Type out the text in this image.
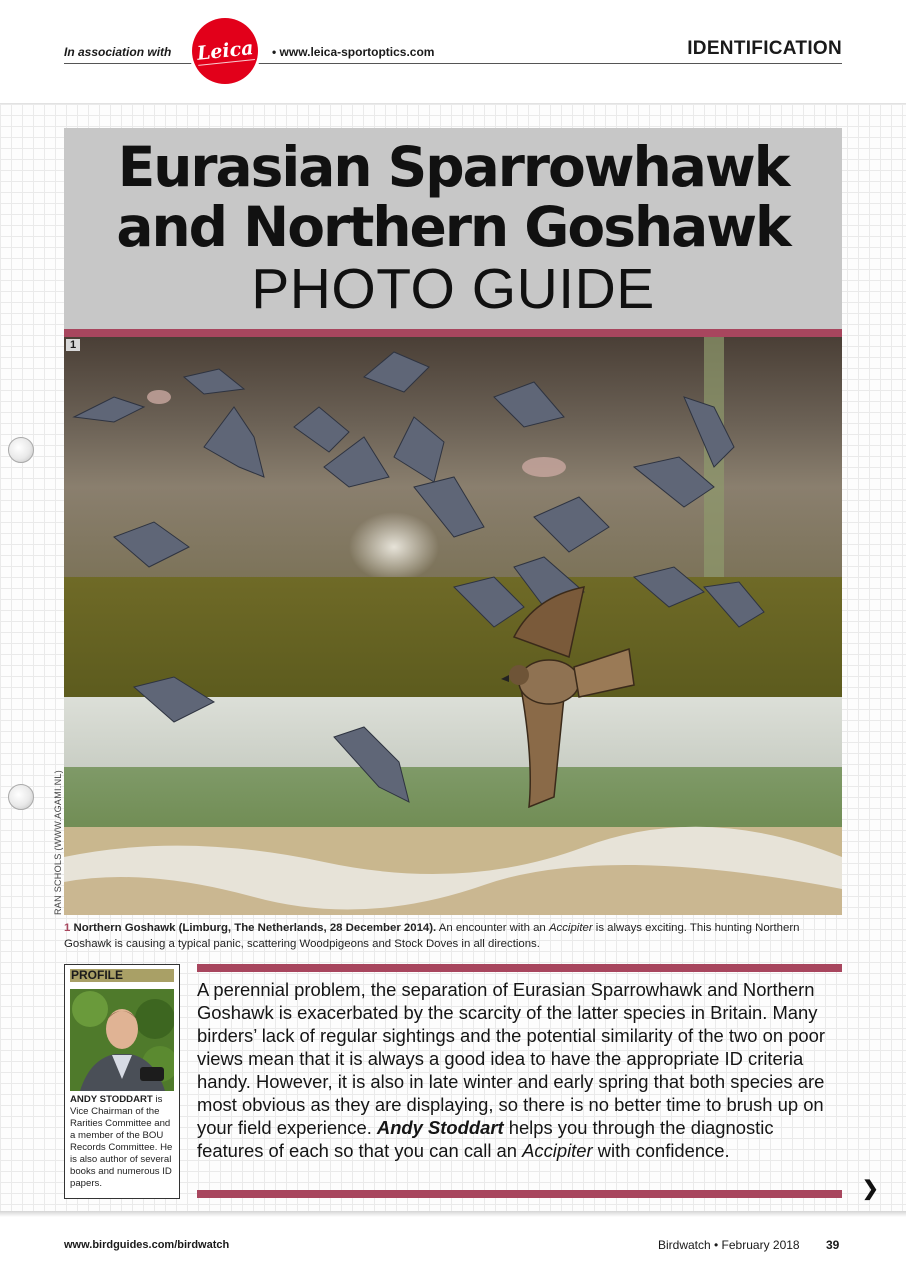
In association with Leica • www.leica-sportoptics.com	IDENTIFICATION
Eurasian Sparrowhawk
and Northern Goshawk
PHOTO GUIDE
1
RAN SCHOLS (WWW.AGAMI.NL)
1 Northern Goshawk (Limburg, The Netherlands, 28 December 2014). An encounter with an Accipiter is always exciting. This hunting Northern Goshawk is causing a typical panic, scattering Woodpigeons and Stock Doves in all directions.
PROFILE
ANDY STODDART is Vice Chairman of the Rarities Committee and a member of the BOU Records Committee. He is also author of several books and numerous ID papers.
A perennial problem, the separation of Eurasian Sparrowhawk and Northern Goshawk is exacerbated by the scarcity of the latter species in Britain. Many birders’ lack of regular sightings and the potential similarity of the two on poor views mean that it is always a good idea to have the appropriate ID criteria handy. However, it is also in late winter and early spring that both species are most obvious as they are displaying, so there is no better time to brush up on your field experience. Andy Stoddart helps you through the diagnostic features of each so that you can call an Accipiter with confidence.
❯
www.birdguides.com/birdwatch	Birdwatch • February 2018 39
